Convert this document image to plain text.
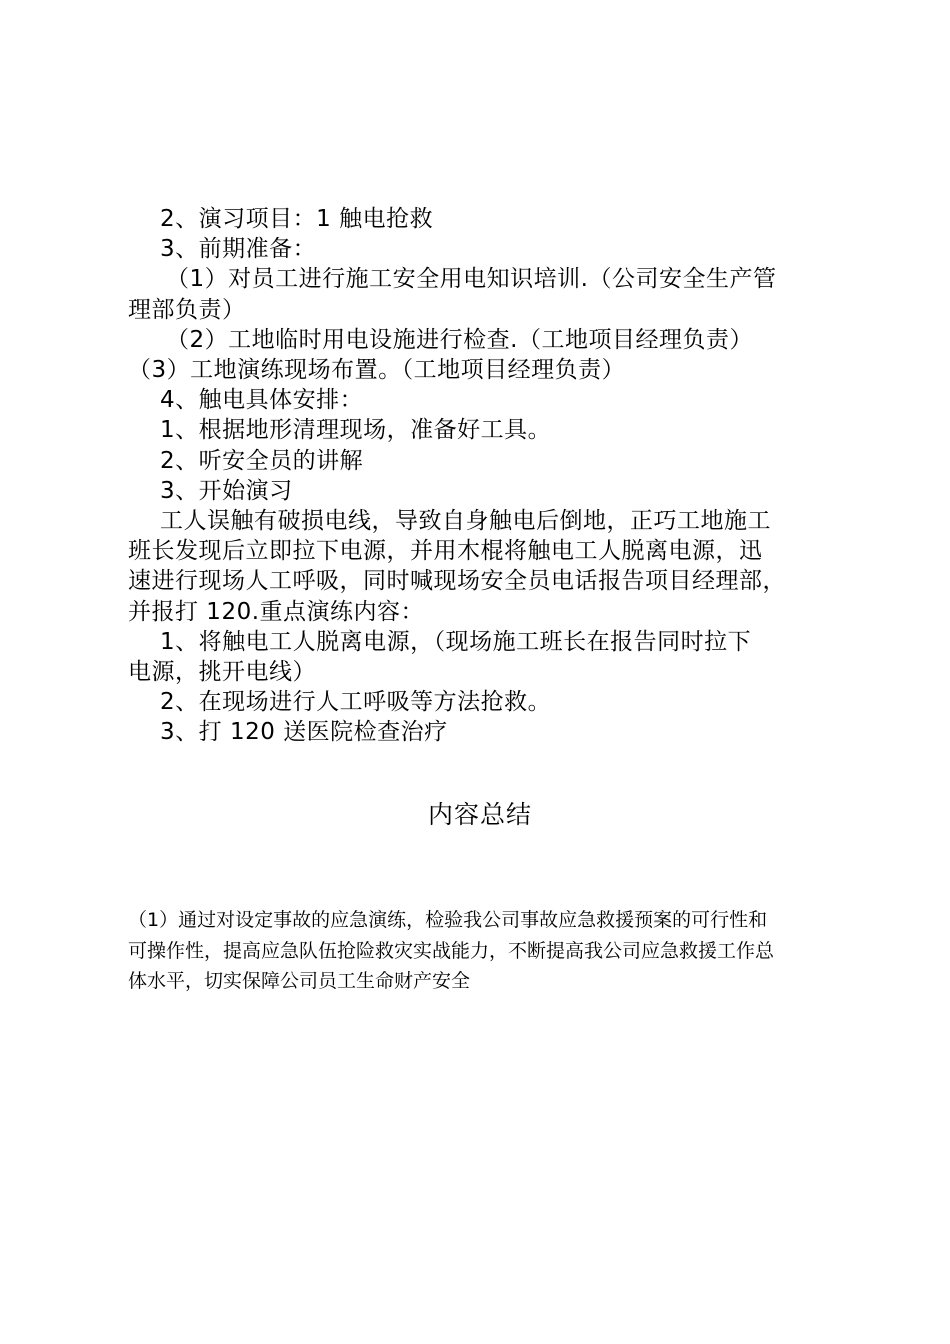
2、演习项目：1 触电抢救
3、前期准备：
（1）对员工进行施工安全用电知识培训.（公司安全生产管
理部负责）
（2）工地临时用电设施进行检查.（工地项目经理负责）
（3）工地演练现场布置。（工地项目经理负责）
4、触电具体安排：
1、根据地形清理现场，准备好工具。
2、听安全员的讲解
3、开始演习
工人误触有破损电线，导致自身触电后倒地，正巧工地施工
班长发现后立即拉下电源，并用木棍将触电工人脱离电源，迅
速进行现场人工呼吸，同时喊现场安全员电话报告项目经理部，
并报打 120.重点演练内容：
1、将触电工人脱离电源，（现场施工班长在报告同时拉下
电源，挑开电线）
2、在现场进行人工呼吸等方法抢救。
3、打 120 送医院检查治疗
内容总结
（1）通过对设定事故的应急演练，检验我公司事故应急救援预案的可行性和
可操作性，提高应急队伍抢险救灾实战能力，不断提高我公司应急救援工作总
体水平，切实保障公司员工生命财产安全
